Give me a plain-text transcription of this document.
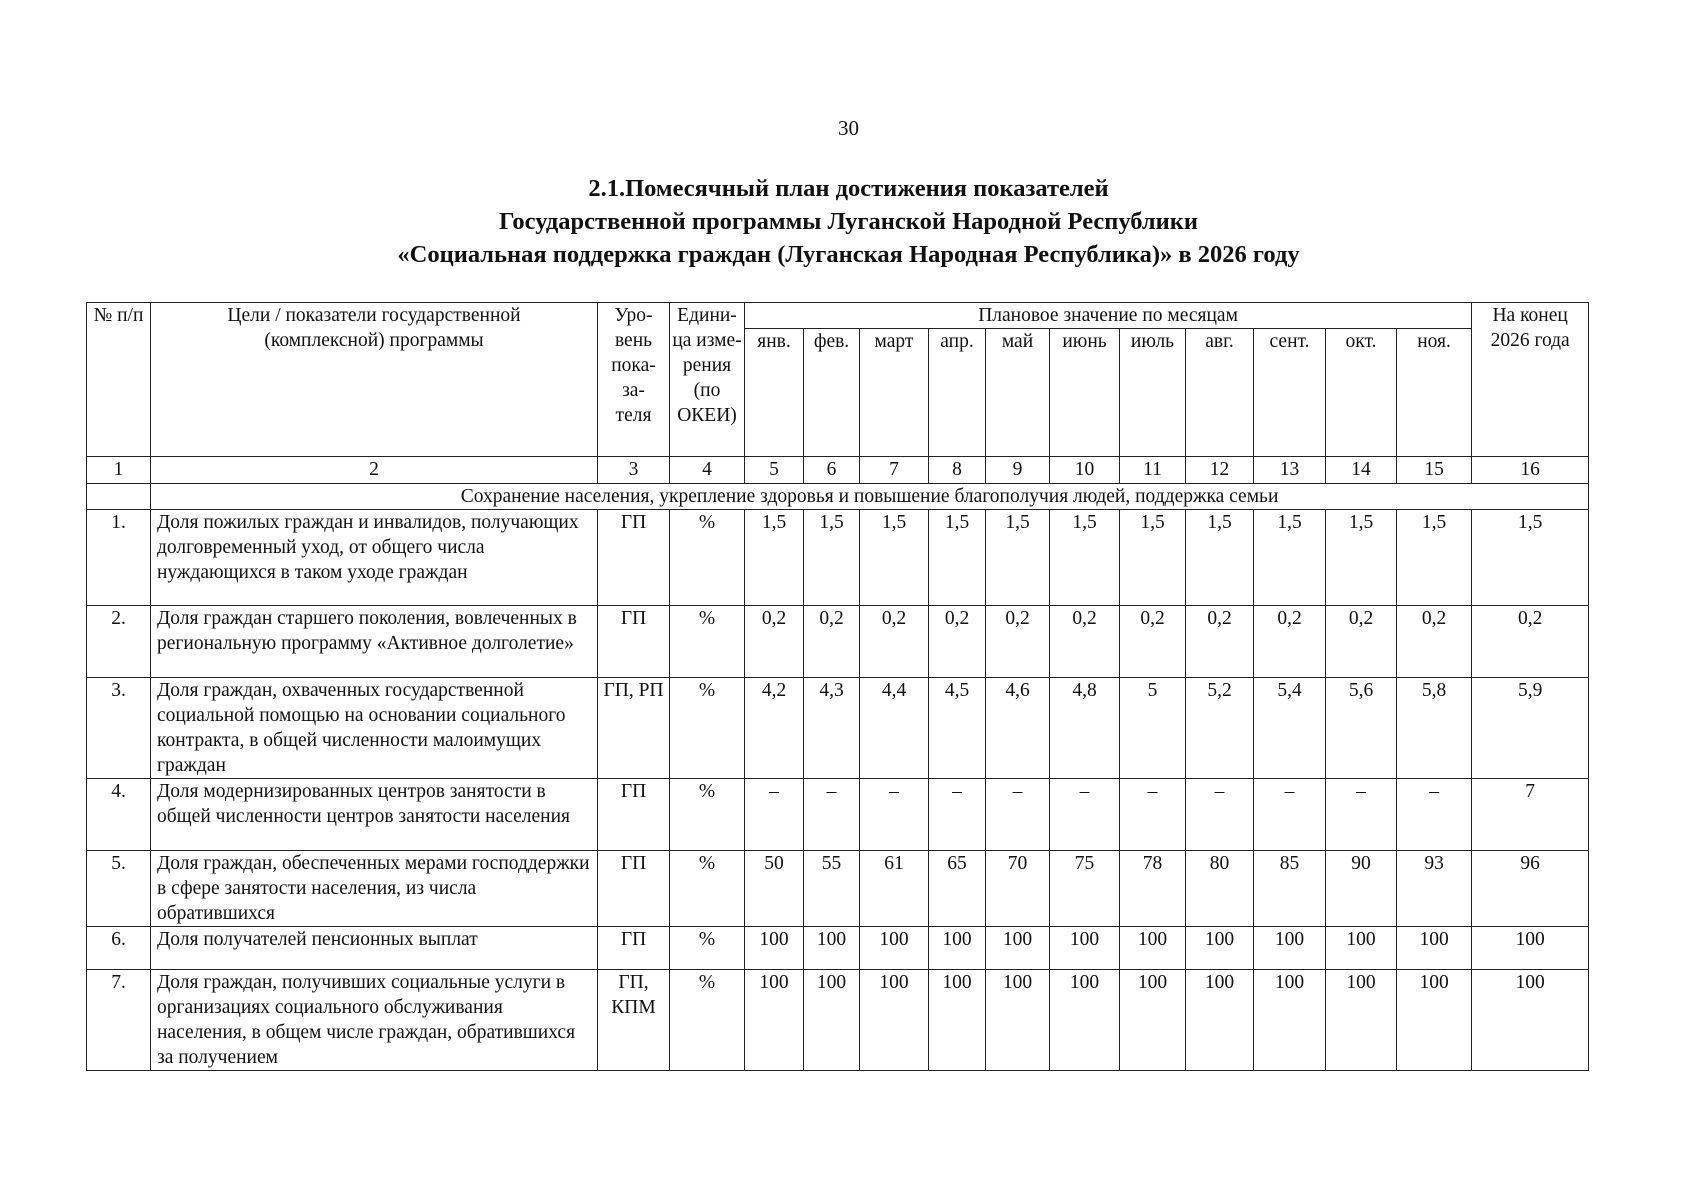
30
2.1.Помесячный план достижения показателей
Государственной программы Луганской Народной Республики
«Социальная поддержка граждан (Луганская Народная Республика)» в 2026 году
№ п/п	Цели / показатели государственной (комплексной) программы	Уро-вень пока-за-теля	Едини-ца изме-рения (по ОКЕИ)	Плановое значение по месяцам											На конец 2026 года
				янв.	фев.	март	апр.	май	июнь	июль	авг.	сент.	окт.	ноя.	
1	2	3	4	5	6	7	8	9	10	11	12	13	14	15	16
	Сохранение населения, укрепление здоровья и повышение благополучия людей, поддержка семьи														
1.	Доля пожилых граждан и инвалидов, получающих долговременный уход, от общего числа нуждающихся в таком уходе граждан	ГП	%	1,5	1,5	1,5	1,5	1,5	1,5	1,5	1,5	1,5	1,5	1,5	1,5
2.	Доля граждан старшего поколения, вовлеченных в региональную программу «Активное долголетие»	ГП	%	0,2	0,2	0,2	0,2	0,2	0,2	0,2	0,2	0,2	0,2	0,2	0,2
3.	Доля граждан, охваченных государственной социальной помощью на основании социального контракта, в общей численности малоимущих граждан	ГП, РП	%	4,2	4,3	4,4	4,5	4,6	4,8	5	5,2	5,4	5,6	5,8	5,9
4.	Доля модернизированных центров занятости в общей численности центров занятости населения	ГП	%	–	–	–	–	–	–	–	–	–	–	–	7
5.	Доля граждан, обеспеченных мерами господдержки в сфере занятости населения, из числа обратившихся	ГП	%	50	55	61	65	70	75	78	80	85	90	93	96
6.	Доля получателей пенсионных выплат	ГП	%	100	100	100	100	100	100	100	100	100	100	100	100
7.	Доля граждан, получивших социальные услуги в организациях социального обслуживания населения, в общем числе граждан, обратившихся за получением	ГП, КПМ	%	100	100	100	100	100	100	100	100	100	100	100	100
